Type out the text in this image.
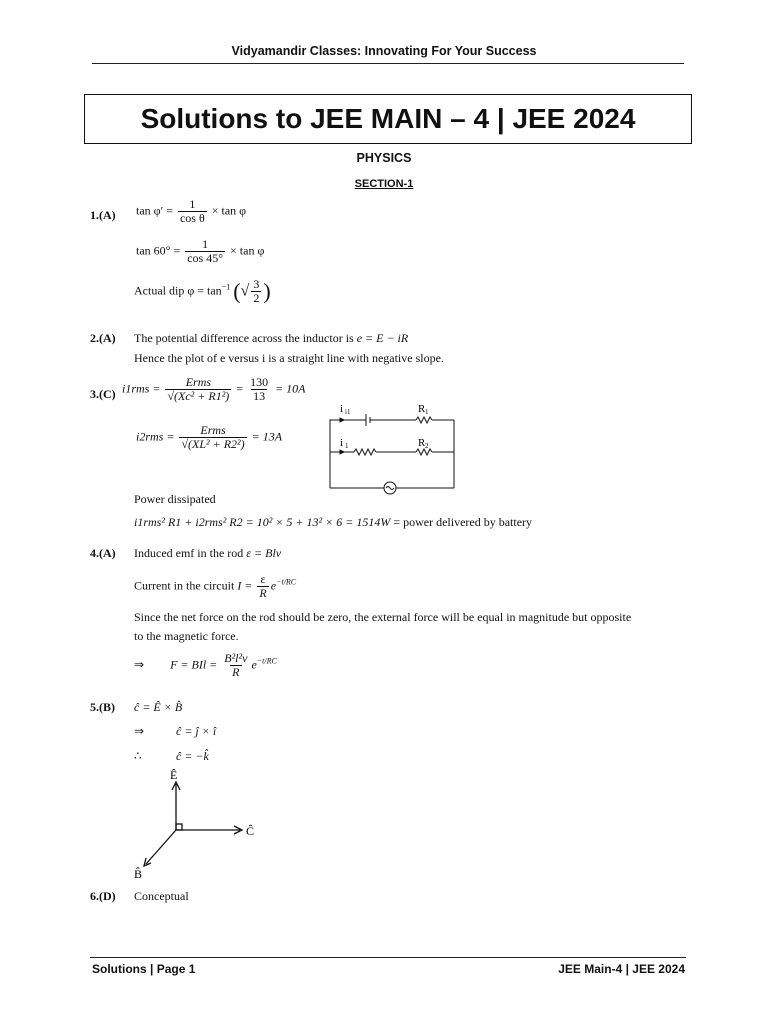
Vidyamandir Classes: Innovating For Your Success
Solutions to JEE MAIN – 4 | JEE 2024
PHYSICS
SECTION-1
1.(A) $\tan \varphi' = \frac{1}{\text{cos θ}} \times \tan \varphi$
$\tan 60^\circ = \frac{1}{\cos 45^\circ} \times \tan \varphi$
Actual dip $\varphi = \tan^{-1}$ (√ $\frac{3}{2}$ )
2.(A) The potential difference across the inductor is e = E − iR
Hence the plot of e versus i is a straight line with negative slope.
3.(C) $i1rms = \frac{\text{Erms}}{\text{√(Xc² + R1²)}} = \frac{130}{13} = 10A$
$i2rms = \frac{\text{Erms}}{\text{√(XL² + R2²)}} = 13A$
i i1	R 1
i 1	R 2
Power dissipated
i1rms² R1 + i2rms² R2 = 10² × 5 + 13² × 6 = 1514W = power delivered by battery
4.(A) Induced emf in the rod ε = Blv
Current in the circuit $I = \frac{\varepsilon}{R} e^{-t/RC}$
Since the net force on the rod should be zero, the external force will be equal in magnitude but opposite
to the magnetic force.
⇒ F = BIl = $\frac{\text{B²l²v}}{R} e^{-t/RC}$
5.(B) ĉ = Ê × B̂
⇒	ĉ = ĵ × î
∴	ĉ = −k̂
Ê
Ĉ
B̂
6.(D) Conceptual
Solutions | Page 1	JEE Main-4 | JEE 2024
